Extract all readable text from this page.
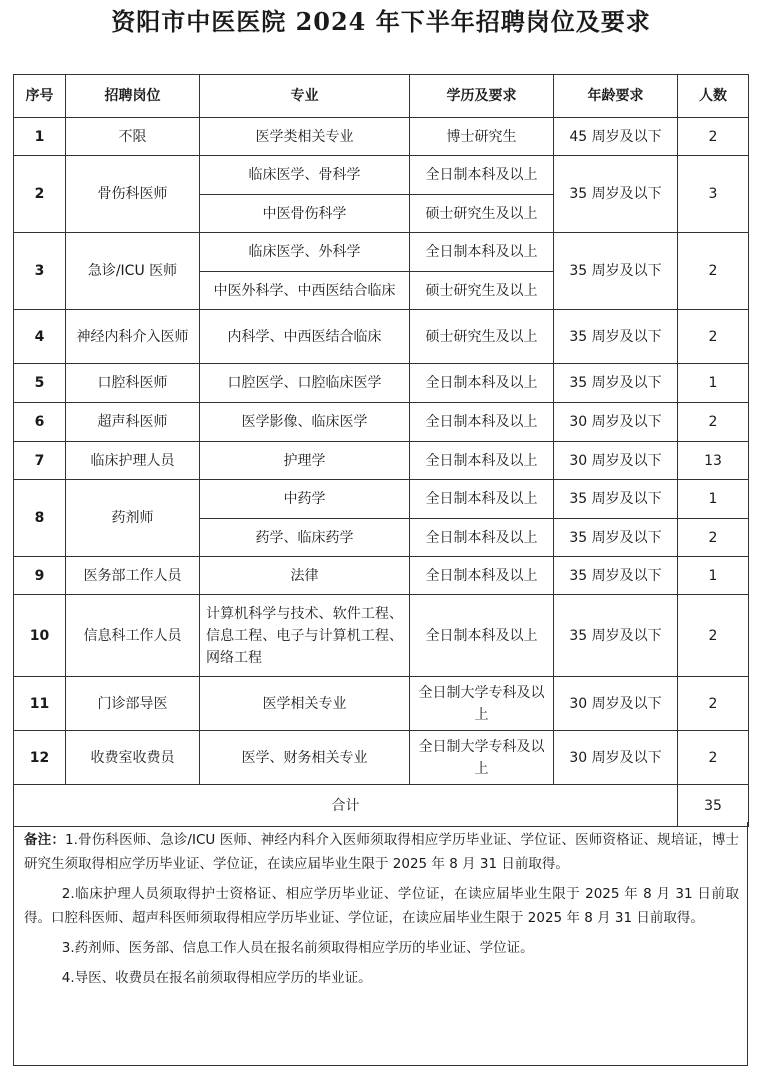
资阳市中医医院 2024 年下半年招聘岗位及要求
序号	招聘岗位	专业	学历及要求	年龄要求	人数
1	不限	医学类相关专业	博士研究生	45 周岁及以下	2
2	骨伤科医师	临床医学、骨科学	全日制本科及以上	35 周岁及以下	3
		中医骨伤科学	硕士研究生及以上		
3	急诊/ICU 医师	临床医学、外科学	全日制本科及以上	35 周岁及以下	2
		中医外科学、中西医结合临床	硕士研究生及以上		
4	神经内科介入医师	内科学、中西医结合临床	硕士研究生及以上	35 周岁及以下	2
5	口腔科医师	口腔医学、口腔临床医学	全日制本科及以上	35 周岁及以下	1
6	超声科医师	医学影像、临床医学	全日制本科及以上	30 周岁及以下	2
7	临床护理人员	护理学	全日制本科及以上	30 周岁及以下	13
8	药剂师	中药学	全日制本科及以上	35 周岁及以下	1
		药学、临床药学	全日制本科及以上	35 周岁及以下	2
9	医务部工作人员	法律	全日制本科及以上	35 周岁及以下	1
10	信息科工作人员	计算机科学与技术、软件工程、信息工程、电子与计算机工程、网络工程	全日制本科及以上	35 周岁及以下	2
11	门诊部导医	医学相关专业	全日制大学专科及以上	30 周岁及以下	2
12	收费室收费员	医学、财务相关专业	全日制大学专科及以上	30 周岁及以下	2
合计					35

备注：1.骨伤科医师、急诊/ICU 医师、神经内科介入医师须取得相应学历毕业证、学位证、医师资格证、规培证，博士研究生须取得相应学历毕业证、学位证，在读应届毕业生限于 2025 年 8 月 31 日前取得。

2.临床护理人员须取得护士资格证、相应学历毕业证、学位证，在读应届毕业生限于 2025 年 8 月 31 日前取得。口腔科医师、超声科医师须取得相应学历毕业证、学位证，在读应届毕业生限于 2025 年 8 月 31 日前取得。

3.药剂师、医务部、信息工作人员在报名前须取得相应学历的毕业证、学位证。

4.导医、收费员在报名前须取得相应学历的毕业证。
